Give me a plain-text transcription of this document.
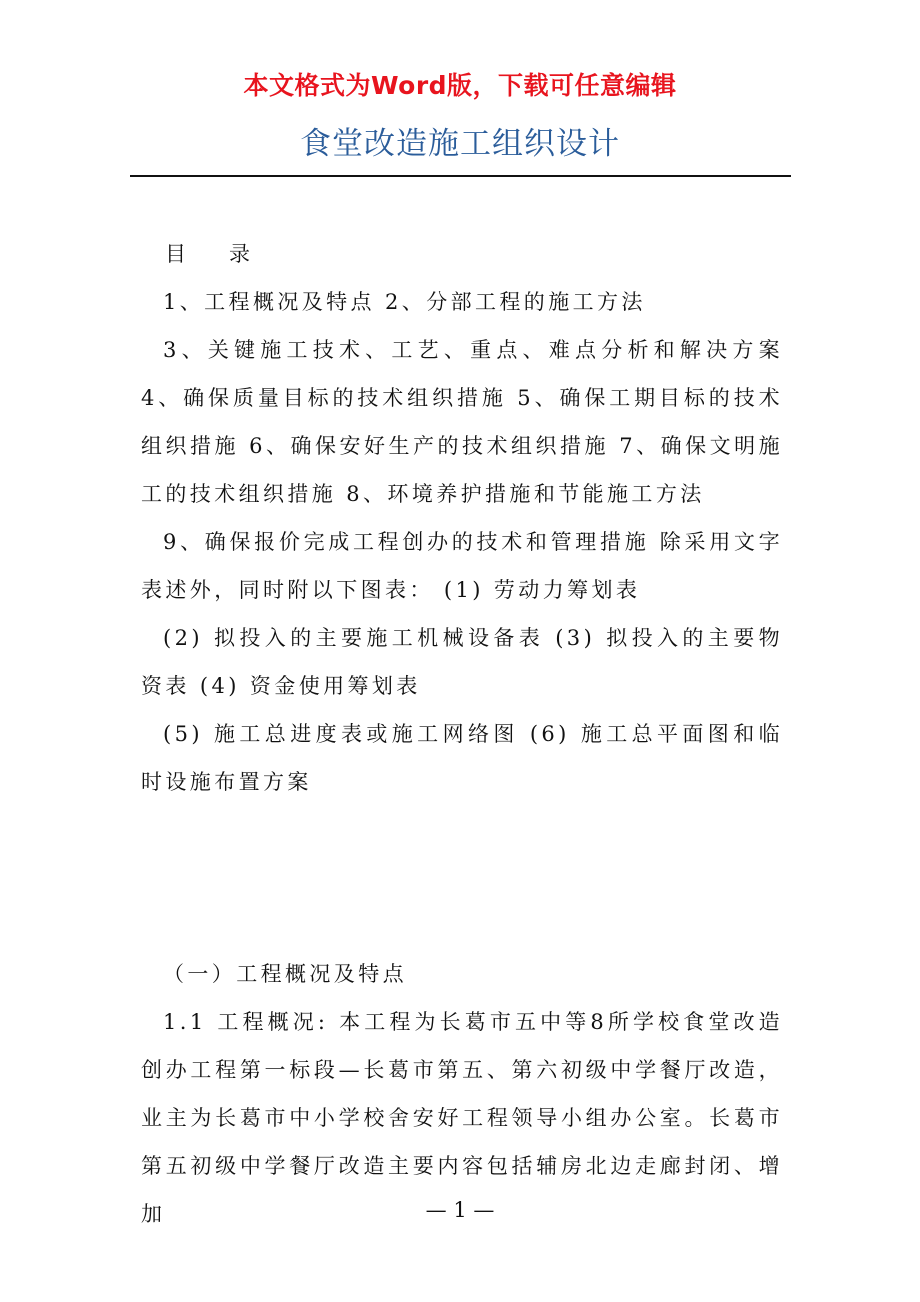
本文格式为Word版，下载可任意编辑
食堂改造施工组织设计
目 录

1、工程概况及特点 2、分部工程的施工方法

3、关键施工技术、工艺、重点、难点分析和解决方案 4、确保质量目标的技术组织措施 5、确保工期目标的技术组织措施 6、确保安好生产的技术组织措施 7、确保文明施工的技术组织措施 8、环境养护措施和节能施工方法

9、确保报价完成工程创办的技术和管理措施 除采用文字表述外，同时附以下图表： (1) 劳动力筹划表

(2) 拟投入的主要施工机械设备表 (3) 拟投入的主要物资表 (4) 资金使用筹划表

(5) 施工总进度表或施工网络图 (6) 施工总平面图和临时设施布置方案

（一）工程概况及特点

1.1 工程概况: 本工程为长葛市五中等8所学校食堂改造创办工程第一标段—长葛市第五、第六初级中学餐厅改造，业主为长葛市中小学校舍安好工程领导小组办公室。长葛市第五初级中学餐厅改造主要内容包括辅房北边走廊封闭、增加	— 1 —
